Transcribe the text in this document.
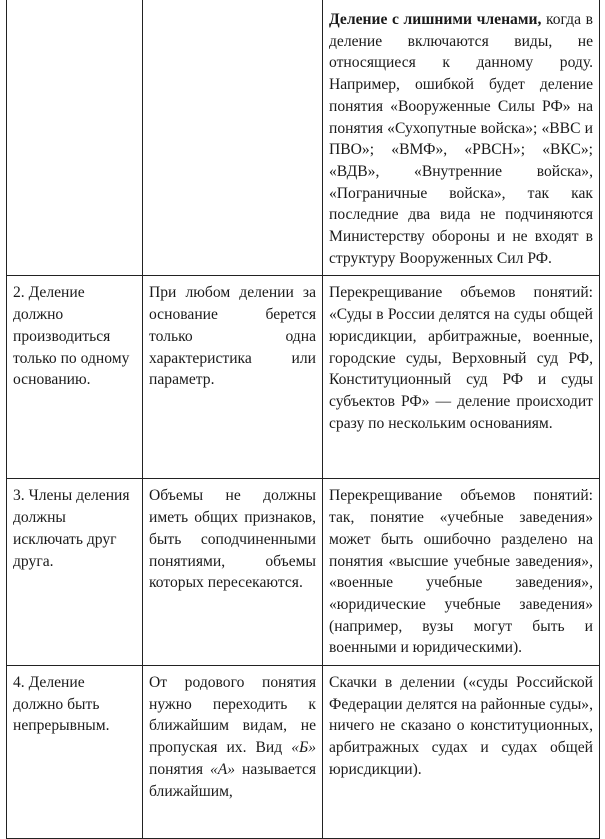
		Деление с лишними членами, когда в деление включаются виды, не относящиеся к данному роду. Например, ошибкой будет деление понятия «Вооруженные Силы РФ» на понятия «Сухопутные войска»; «ВВС и ПВО»; «ВМФ», «РВСН»; «ВКС»; «ВДВ», «Внутренние войска», «Пограничные войска», так как последние два вида не подчиняются Министерству обороны и не входят в структуру Вооруженных Сил РФ.
2. Деление должно производиться только по одному основанию.	При любом делении за основание берется только одна характеристика или параметр.	Перекрещивание объемов понятий: «Суды в России делятся на суды общей юрисдикции, арбитражные, военные, городские суды, Верховный суд РФ, Конституционный суд РФ и суды субъектов РФ» — деление происходит сразу по нескольким основаниям.
3. Члены деления должны исключать друг друга.	Объемы не должны иметь общих признаков, быть соподчиненными понятиями, объемы которых пересекаются.	Перекрещивание объемов понятий: так, понятие «учебные заведения» может быть ошибочно разделено на понятия «высшие учебные заведения», «военные учебные заведения», «юридические учебные заведения» (например, вузы могут быть и военными и юридическими).
4. Деление должно быть непрерывным.	От родового понятия нужно переходить к ближайшим видам, не пропуская их. Вид «Б» понятия «А» называется ближайшим,	Скачки в делении («суды Российской Федерации делятся на районные суды», ничего не сказано о конституционных, арбитражных судах и судах общей юрисдикции).
